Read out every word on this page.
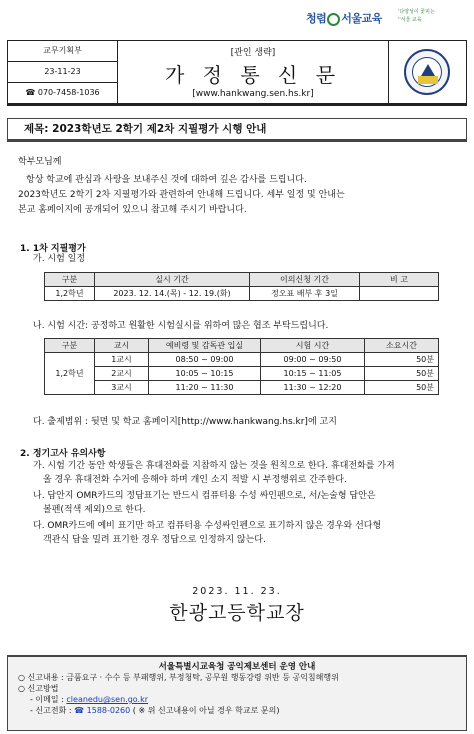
청렴 서울교육	'다양성이 꽃피는
''서울 교육
교무기획부
23-11-23
☎ 070-7458-1036
[관인 생략]
가 정 통 신 문
[www.hankwang.sen.hs.kr]
제목: 2023학년도 2학기 제2차 지필평가 시행 안내

학부모님께

항상 학교에 관심과 사랑을 보내주신 것에 대하여 깊은 감사를 드립니다.

2023학년도 2학기 2차 지필평가와 관련하여 안내해 드립니다. 세부 일정 및 안내는

본교 홈페이지에 공개되어 있으니 참고해 주시기 바랍니다.

1. 1차 지필평가
가. 시험 일정
구분	실시 기간	이의신청 기간	비 고
1,2학년	2023. 12. 14.(목) - 12. 19.(화)	정오표 배부 후 3일	
나. 시험 시간: 공정하고 원활한 시험실시를 위하여 많은 협조 부탁드립니다.
구분	교시	예비령 및 감독관 입실	시험 시간	소요시간
1,2학년	1교시	08:50 ~ 09:00	09:00 ~ 09:50	50분
	2교시	10:05 ~ 10:15	10:15 ~ 11:05	50분
	3교시	11:20 ~ 11:30	11:30 ~ 12:20	50분
다. 출제범위 : 뒷면 및 학교 홈페이지[http://www.hankwang.hs.kr]에 고지
2. 정기고사 유의사항
가. 시험 기간 동안 학생들은 휴대전화를 지참하지 않는 것을 원칙으로 한다. 휴대전화를 가져
올 경우 휴대전화 수거에 응해야 하며 개인 소지 적발 시 부정행위로 간주한다.
나. 답안지 OMR카드의 정답표기는 반드시 컴퓨터용 수성 싸인펜으로, 서/논술형 답안은
볼펜(적색 제외)으로 한다.
다. OMR카드에 예비 표기만 하고 컴퓨터용 수성싸인펜으로 표기하지 않은 경우와 선다형
객관식 답을 밀려 표기한 경우 정답으로 인정하지 않는다.
2023. 11. 23.
한광고등학교장
서울특별시교육청 공익제보센터 운영 안내
○ 신고내용 : 금품요구 · 수수 등 부패행위, 부정청탁, 공무원 행동강령 위반 등 공익침해행위
○ 신고방법
- 이메일 : cleanedu@sen.go.kr
- 신고전화 : ☎ 1588-0260 ( ※ 위 신고내용이 아닐 경우 학교로 문의)
